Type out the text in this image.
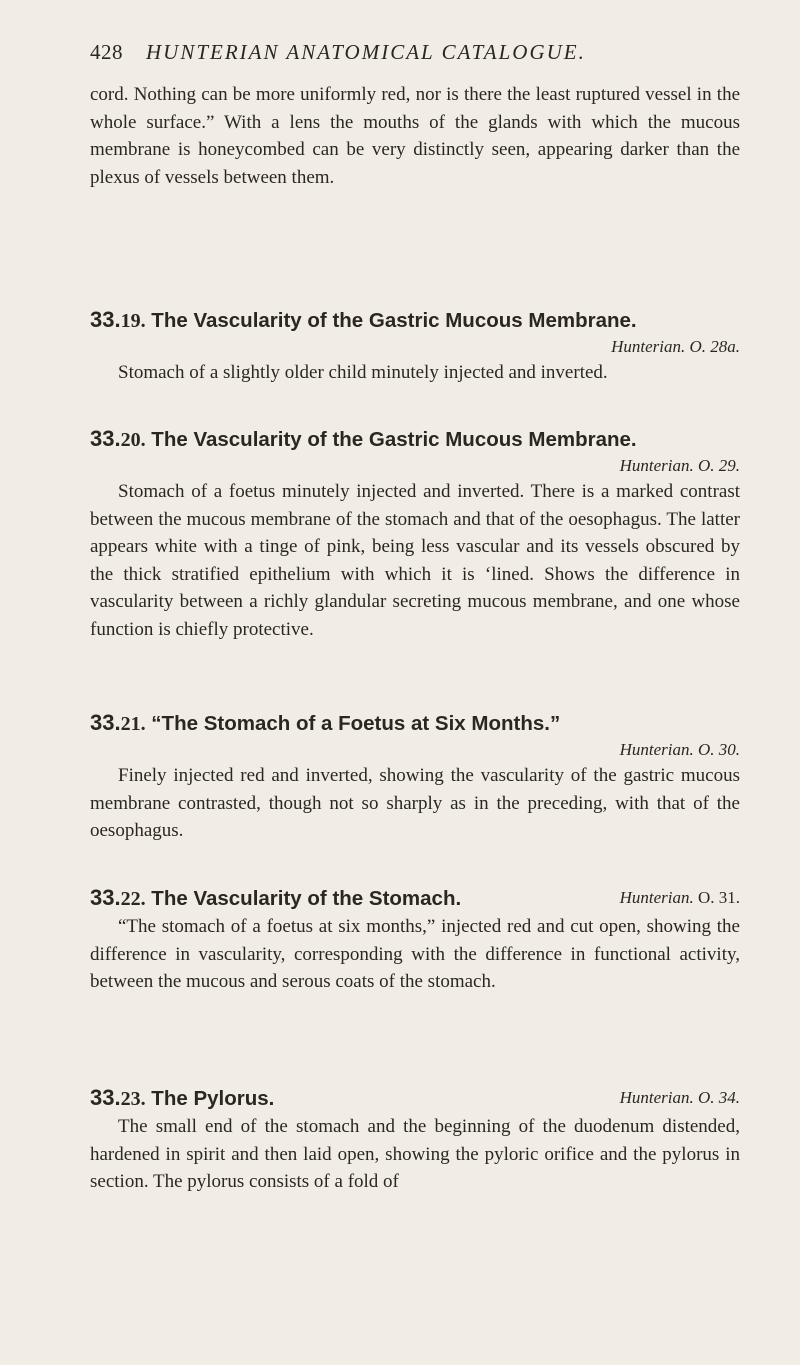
428 HUNTERIAN ANATOMICAL CATALOGUE.

cord. Nothing can be more uniformly red, nor is there the least ruptured vessel in the whole surface.” With a lens the mouths of the glands with which the mucous membrane is honeycombed can be very distinctly seen, appearing darker than the plexus of vessels between them.

33.19. The Vascularity of the Gastric Mucous Membrane.

Hunterian. O. 28a.

Stomach of a slightly older child minutely injected and inverted.

33.20. The Vascularity of the Gastric Mucous Membrane.

Hunterian. O. 29.

Stomach of a foetus minutely injected and inverted. There is a marked contrast between the mucous membrane of the stomach and that of the oesophagus. The latter appears white with a tinge of pink, being less vascular and its vessels obscured by the thick stratified epithelium with which it is ‘lined. Shows the difference in vascularity between a richly glandular secreting mucous membrane, and one whose function is chiefly protective.

33.21. “The Stomach of a Foetus at Six Months.”

Hunterian. O. 30.

Finely injected red and inverted, showing the vascularity of the gastric mucous membrane contrasted, though not so sharply as in the preceding, with that of the oesophagus.

Hunterian. O. 31.

33.22. The Vascularity of the Stomach.

“The stomach of a foetus at six months,” injected red and cut open, showing the difference in vascularity, corresponding with the difference in functional activity, between the mucous and serous coats of the stomach.

Hunterian. O. 34.

33.23. The Pylorus.

The small end of the stomach and the beginning of the duodenum distended, hardened in spirit and then laid open, showing the pyloric orifice and the pylorus in section. The pylorus consists of a fold of
